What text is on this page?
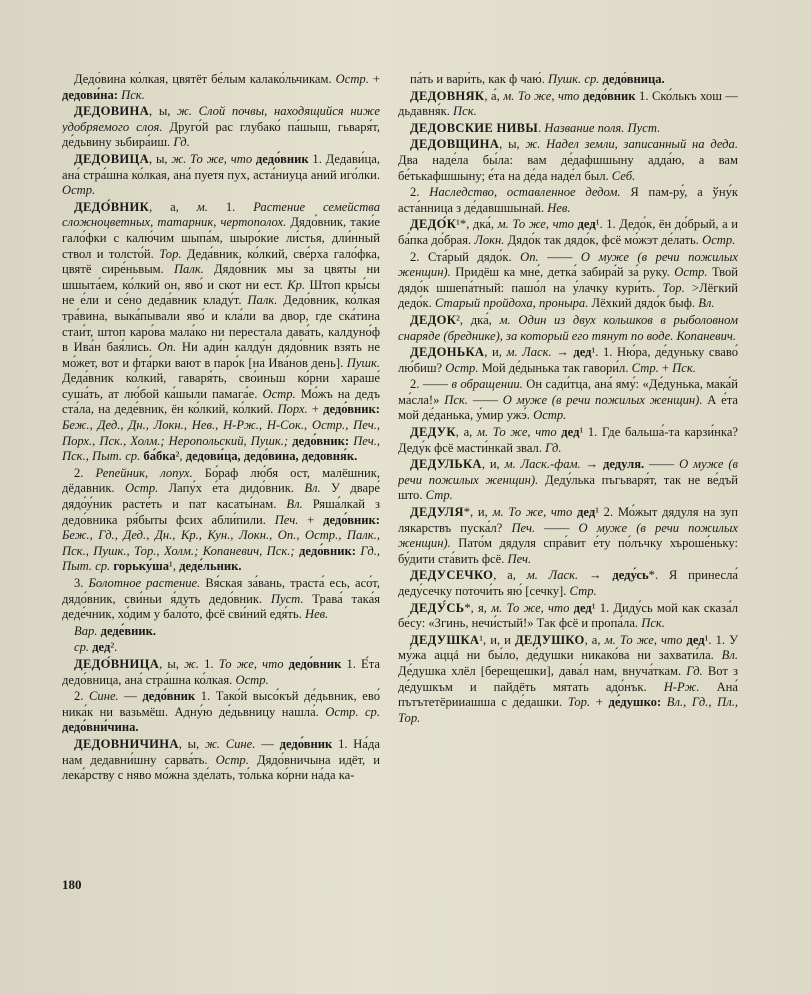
Дедо́вина ко́лкая, цвятёт бе́лым калако́льчикам. Остр. + дедови́на: Пск.

ДЕДОВИНА, ы, ж. Слой почвы, находящийся ниже удобряемого слоя. Друго́й рас глубако́ па́шыш, гьваря́т, де́дьвину зьбира́иш. Гд.

ДЕДОВИЦА, ы, ж. То же, что дедо́вник 1. Дедави́ца, ана́ стра́шна ко́лкая, ана́ пуетя пух, аста́ниуца аний иго́лки. Остр.

ДЕДО́ВНИК, а, м. 1. Растение семейства сложноцветных, татарник, чертополох. Дядо́вник, таки́е гало́фки с калю́чим шыпа́м, шыро́кие ли́стья, дли́нный ствол и толсто́й. Тор. Деда́вник, ко́лкий, све́рха гало́фка, цвятё сире́ньвым. Палк. Дядо́вник мы за цвяты ни шшыта́ем, ко́лкий он, яво́ и скот ни ест. Кр. Штоп кры́сы не е́ли и се́но деда́вник кладу́т. Палк. Дедо́вник, ко́лкая тра́винa, выка́пывали яво́ и кла́ли ва двор, где ска́тина стаи́т, штоп каро́ва мала́ко ни перестала дава́ть, калдуно́ф в Ива́н бая́лись. Оп. Ни ади́н калду́н дядо́вник взять не мо́жет, вот и фта́рки вают в паро́к [на Ива́нов день]. Пушк. Деда́вник ко́лкий, гаваря́ть, сво́иньш ко́рни хараше́ суша́ть, ат лю́бой ка́шыли памага́е. Остр. Мо́жъ на дедъ ста́ла, на деде́вник, ён ко́лкий, ко́лкий. Порх. + дедо́вник: Беж., Дед., Дн., Локн., Нев., Н-Рж., Н-Сок., Остр., Печ., Порх., Пск., Холм.; Неропольский, Пушк.; дедо́вник: Печ., Пск., Пыт. ср. ба́бка², дедови́ца, дедо́вина, дедовня́к.

2. Репейник, лопух. Бо́раф лю́бя ост, малёшник, дёдавник. Остр. Лапу́х е́та дидо́вник. Вл. У дваре́ дядо́у́ник расте́ть и пат касаты́нам. Вл. Ряша́лкай з дедо́вника ря́быты фсих абли́пили. Печ. + дедо́вник: Беж., Гд., Дед., Дн., Кр., Кун., Локн., Оп., Остр., Палк., Пск., Пушк., Тор., Холм.; Копаневич, Пск.; дедо́вник: Гд., Пыт. ср. горьку́ша¹, деде́льник.

3. Болотное растение. Вя́ская за́вань, траста́ есь, асо́т, дядо́вник, сви́ньи я́дуть дедо́вник. Пуст. Трава́ така́я деде́чник, хо́дим у бало́то, фсё сви́ний едя́ть. Нев.

Вар. деде́вник.

ср. дед².

ДЕДО́ВНИЦА, ы, ж. 1. То же, что дедо́вник 1. Е́та дедо́вница, ана́ стра́шна ко́лкая. Остр.

2. Сине. — дедо́вник 1. Тако́й высо́къй де́дьвник, ево́ ника́к ни вазьмёш. Адну́ю де́дьвницу нашла́. Остр. ср. дедо́вни́чина.

ДЕДОВНИЧИНА, ы, ж. Сине. — дедо́вник 1. На́да нам дедавни́шну сарва́ть. Остр. Дядо́вничына идёт, и лека́рству с нявo мо́жна зде́лать, то́лька ко́рни на́да ка-

па́ть и вари́ть, как ф чаю́. Пушк. ср. дедо́вница.

ДЕДОВНЯК, а́, м. То же, что дедо́вник 1. Ско́лькъ хош — дьдавня́к. Пск.

ДЕДОВСКИЕ НИВЫ. Название поля. Пуст.

ДЕДОВЩИНА, ы, ж. Надел земли, записанный на деда. Два наде́ла бы́ла: вам де́дафшшыну адда́ю, а вам бе́тькафшшыну; е́та на де́да наде́л был. Себ.

2. Наследство, оставленное дедом. Я пам-ру́, а ўну́к аста́нница з де́давшшынай. Нев.

ДЕДО́К¹*, дка́, м. То же, что дед¹. 1. Дедо́к, ён до́брый, а и ба́пка до́брая. Локн. Дядо́к так дядо́к, фсё мо́жэт де́лать. Остр.

2. Ста́рый дядо́к. Оп. —— О муже (в речи пожилых женщин). Придёш ка мне́, детка́ забира́й за́ руку. Остр. Твой дядо́к шшепа́тный: пашо́л на у́лачку кури́ть. Тор. >Лёгкий дедо́к. Старый пройдоха, проныра. Лёхкий дядо́к быф. Вл.

ДЕДОК², дка́, м. Один из двух кольшков в рыболовном снаряде (бреднике), за который его тянут по воде. Копаневич.

ДЕДОНЬКА, и, м. Ласк. → дед¹. 1. Ню́ра, де́дуньку сваво́ лю́биш? Остр. Мой де́дынька так гавори́л. Стр. + Пск.

2. —— в обращении. Он сади́тца, ана́ яму́: «Де́дунька, мака́й ма́сла!» Пск. —— О муже (в речи пожилых женщин). А е́та мой де́данька, у́мир ужэ́. Остр.

ДЕДУК, а, м. То же, что дед¹ 1. Где бальша́-та карзи́нка? Деду́к фсё масти́нкай звал. Гд.

ДЕДУЛЬКА, и, м. Ласк.-фам. → дедуля. —— О муже (в речи пожилых женщин). Деду́лька пъгьваря́т, так не ве́дъй што. Стр.

ДЕДУЛЯ*, и, м. То же, что дед¹ 2. Мо́жыт дядуля на зуп лякарствъ пуска́л? Печ. —— О муже (в речи пожилых женщин). Пато́м дядуля спра́вит е́ту по́лъчку хъроше́ньку: бу́дити ста́вить фсё. Печ.

ДЕДУСЕЧКО, а, м. Ласк. → деду́сь*. Я принесла́ деду́сечку поточи́ть яю́ [сечку]. Стр.

ДЕДУ́СЬ*, я, м. То же, что дед¹ 1. Диду́сь мой как сказа́л бе́су: «Згинь, нечи́стый!» Так фсё и пропа́ла. Пск.

ДЕДУШКА¹, и, и ДЕДУШКО, а, м. То же, что дед¹. 1. У му́жа аццá ни бы́ло, де́душки никако́ва ни захвати́ла. Вл. Де́душка хлёл [берещешки], дава́л нам, внуча́ткам. Гд. Вот з де́душкъм и пайдёть мятать адо́нък. Н-Рж. Ана́ пътътетёрииашша с де́дашки. Тор. + де́душко: Вл., Гд., Пл., Тор.

180
